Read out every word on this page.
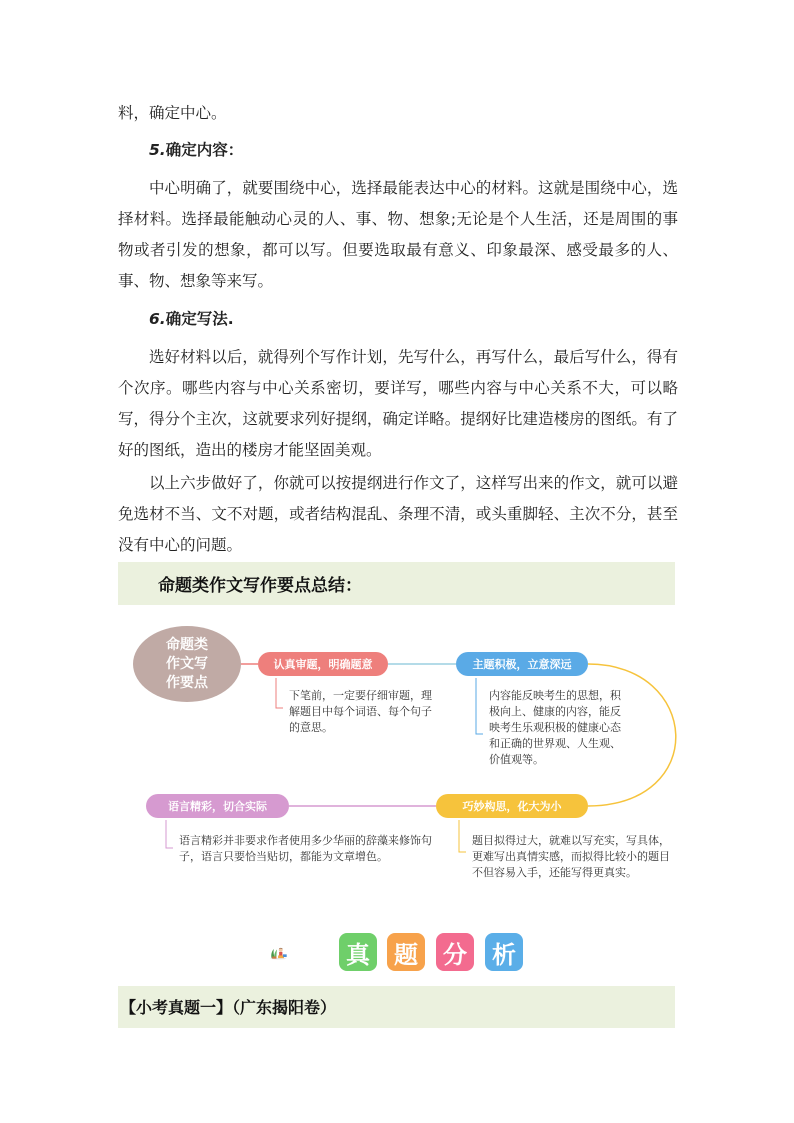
料，确定中心。

5.确定内容：

中心明确了，就要围绕中心，选择最能表达中心的材料。这就是围绕中心，选择材料。选择最能触动心灵的人、事、物、想象;无论是个人生活，还是周围的事物或者引发的想象，都可以写。但要选取最有意义、印象最深、感受最多的人、事、物、想象等来写。

6.确定写法.

选好材料以后，就得列个写作计划，先写什么，再写什么，最后写什么，得有个次序。哪些内容与中心关系密切，要详写，哪些内容与中心关系不大，可以略写，得分个主次，这就要求列好提纲，确定详略。提纲好比建造楼房的图纸。有了好的图纸，造出的楼房才能坚固美观。

以上六步做好了，你就可以按提纲进行作文了，这样写出来的作文，就可以避免选材不当、文不对题，或者结构混乱、条理不清，或头重脚轻、主次不分，甚至没有中心的问题。

命题类作文写作要点总结：
命题类作文写作要点
认真审题，明确题意

下笔前，一定要仔细审题，理解题目中每个词语、每个句子的意思。

主题积极，立意深远

内容能反映考生的思想，积极向上、健康的内容，能反映考生乐观积极的健康心态和正确的世界观、人生观、价值观等。

巧妙构思，化大为小

题目拟得过大，就难以写充实，写具体，更难写出真情实感，而拟得比较小的题目不但容易入手，还能写得更真实。

语言精彩，切合实际

语言精彩并非要求作者使用多少华丽的辞藻来修饰句子，语言只要恰当贴切，都能为文章增色。

真 题 分 析
【小考真题一】（广东揭阳卷）
